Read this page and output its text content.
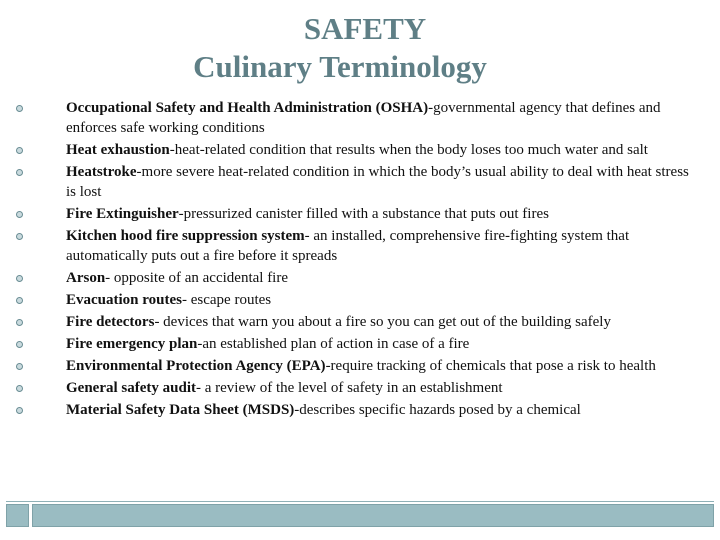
SAFETY
Culinary Terminology
Occupational Safety and Health Administration (OSHA)-governmental agency that defines and enforces safe working conditions
Heat exhaustion-heat-related condition that results when the body loses too much water and salt
Heatstroke-more severe heat-related condition in which the body’s usual ability to deal with heat stress is lost
Fire Extinguisher-pressurized canister filled with a substance that puts out fires
Kitchen hood fire suppression system- an installed, comprehensive fire-fighting system that automatically puts out a fire before it spreads
Arson- opposite of an accidental fire
Evacuation routes- escape routes
Fire detectors- devices that warn you about a fire so you can get out of the building safely
Fire emergency plan-an established plan of action in case of a fire
Environmental Protection Agency (EPA)-require tracking of chemicals that pose a risk to health
General safety audit- a review of the level of safety in an establishment
Material Safety Data Sheet (MSDS)-describes specific hazards posed by a chemical
